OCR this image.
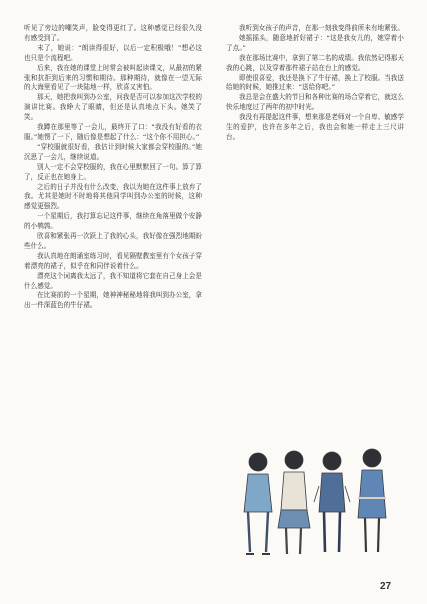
听见了旁边的嘲笑声，脸变得更红了。这种感觉已经很久没有感受到了。

末了，她说：“朗读得很好，以后一定积极哦！”想必这也只是个流程吧。

后来，我在她的课堂上时常会被叫起读课文，从最初的紧张和抗拒到后来的习惯和期待。那种期待，就像在一望无际的大海里看见了一块陆地一样，欣喜又害怕。

那天，她把我叫到办公室，问我是否可以参加这次学校的演讲比赛。我睁大了眼睛，但还是认真地点下头。她笑了笑。

我蹲在那里等了一会儿，最终开了口：“我没有好看的衣服。”她愣了一下，随后像是想起了什么：“这个你不用担心。”

“穿校服就很好看，我估计到时候大家都会穿校服的。”她沉思了一会儿，继续说道。

别人一定不会穿校服的，我在心里默默回了一句。算了算了，反正也在她身上。

之后的日子并没有什么改变，我以为她在这件事上放弃了我。尤其是她时不时地将其他同学叫到办公室的时候，这种感觉更强烈。

一个星期后，我打算忘记这件事，继续在角落里做个安静的小鹌鹑。

欣喜和紧张再一次跃上了我的心头，我好像在强烈地期盼些什么。

我认真地在朗诵室练习时，看见隔壁教室里有个女孩子穿着漂亮的裙子，似乎在和同伴说着什么。

漂亮这个词离我太远了，我不知道将它套在自己身上会是什么感觉。

在比赛前的一个星期，她神神秘秘地将我叫到办公室，拿出一件深蓝色的牛仔裙。

我听到女孩子的声音，在那一刻我变得前所未有地紧张。

她摇摇头，随意地折好裙子：“这是我女儿的，她穿着小了点。”

我在那场比赛中，拿到了第二名的成绩。我依然记得那天我的心跳，以及穿着那件裙子站在台上的感觉。

即使很喜爱，我还是换下了牛仔裙，换上了校服。当我送给她的时候，她推过来：“送给你吧。”

我总是会在盛大的节日和各种比赛的场合穿着它，就这么快乐地度过了两年的初中时光。

我没有再提起这件事，想来那是老师对一个自卑、敏感学生的爱护，也许在多年之后，我也会和她一样走上三尺讲台。

27
